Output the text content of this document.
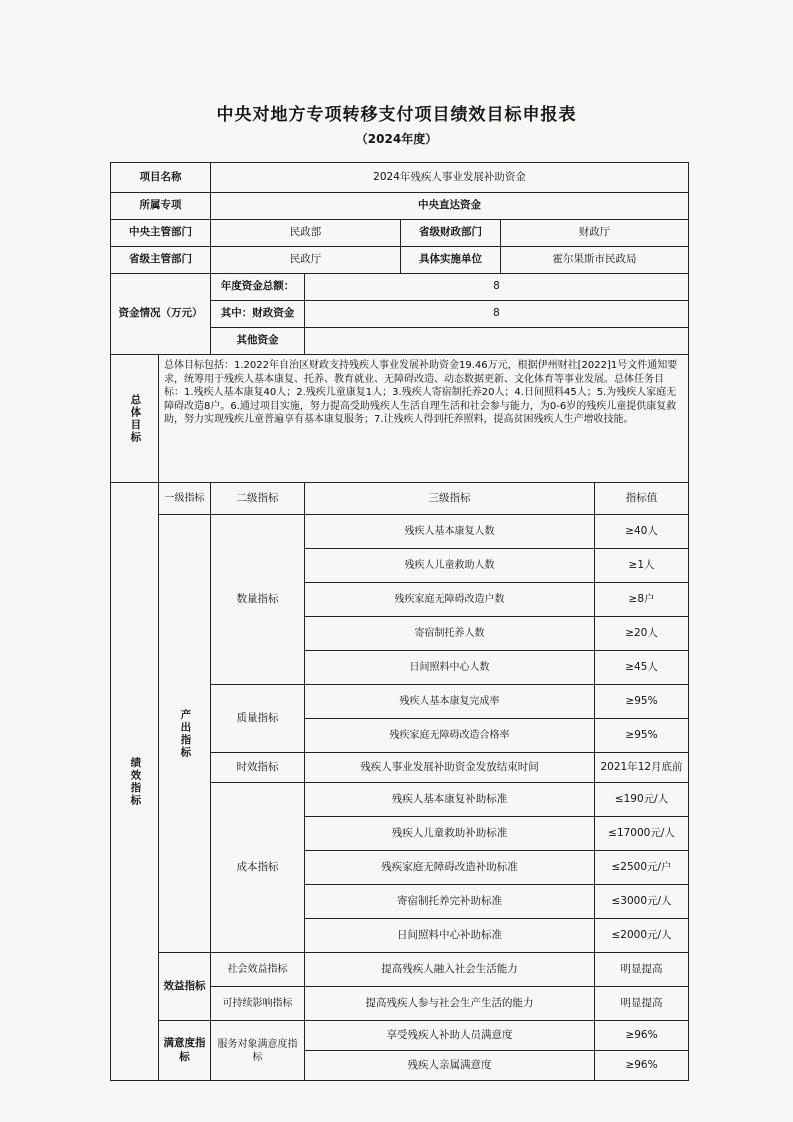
中央对地方专项转移支付项目绩效目标申报表
（2024年度）
项目名称		2024年残疾人事业发展补助资金				
所属专项		中央直达资金				
中央主管部门		民政部		省级财政部门	财政厅	
省级主管部门		民政厅		具体实施单位	霍尔果斯市民政局	
资金情况（万元）		年度资金总额：	8			
		其中：财政资金	8			
		其他资金				

总体目标	总体目标包括：1.2022年自治区财政支持残疾人事业发展补助资金19.46万元，根据伊州财社[2022]1号文件通知要求，统筹用于残疾人基本康复、托养、教育就业、无障碍改造、动态数据更新、文化体育等事业发展。总体任务目标：1.残疾人基本康复40人；2.残疾儿童康复1人；3.残疾人寄宿制托养20人；4.日间照料45人；5.为残疾人家庭无障碍改造8户。6.通过项目实施，努力提高受助残疾人生活自理生活和社会参与能力，为0-6岁的残疾儿童提供康复救助，努力实现残疾儿童普遍享有基本康复服务；7.让残疾人得到托养照料，提高贫困残疾人生产增收技能。					

绩效指标	一级指标	二级指标	三级指标			指标值

	产出指标	数量指标	残疾人基本康复人数			≥40人
			残疾人儿童救助人数			≥1人
			残疾家庭无障碍改造户数			≥8户
			寄宿制托养人数			≥20人
			日间照料中心人数			≥45人
		质量指标	残疾人基本康复完成率			≥95%
			残疾家庭无障碍改造合格率			≥95%
		时效指标	残疾人事业发展补助资金发放结束时间			2021年12月底前
		成本指标	残疾人基本康复补助标准			≤190元/人
			残疾人儿童救助补助标准			≤17000元/人
			残疾家庭无障碍改造补助标准			≤2500元/户
			寄宿制托养完补助标准			≤3000元/人
			日间照料中心补助标准			≤2000元/人
	效益指标	社会效益指标	提高残疾人融入社会生活能力			明显提高
		可持续影响指标	提高残疾人参与社会生产生活的能力			明显提高
	满意度指标	服务对象满意度指标	享受残疾人补助人员满意度			≥96%
			残疾人亲属满意度			≥96%
